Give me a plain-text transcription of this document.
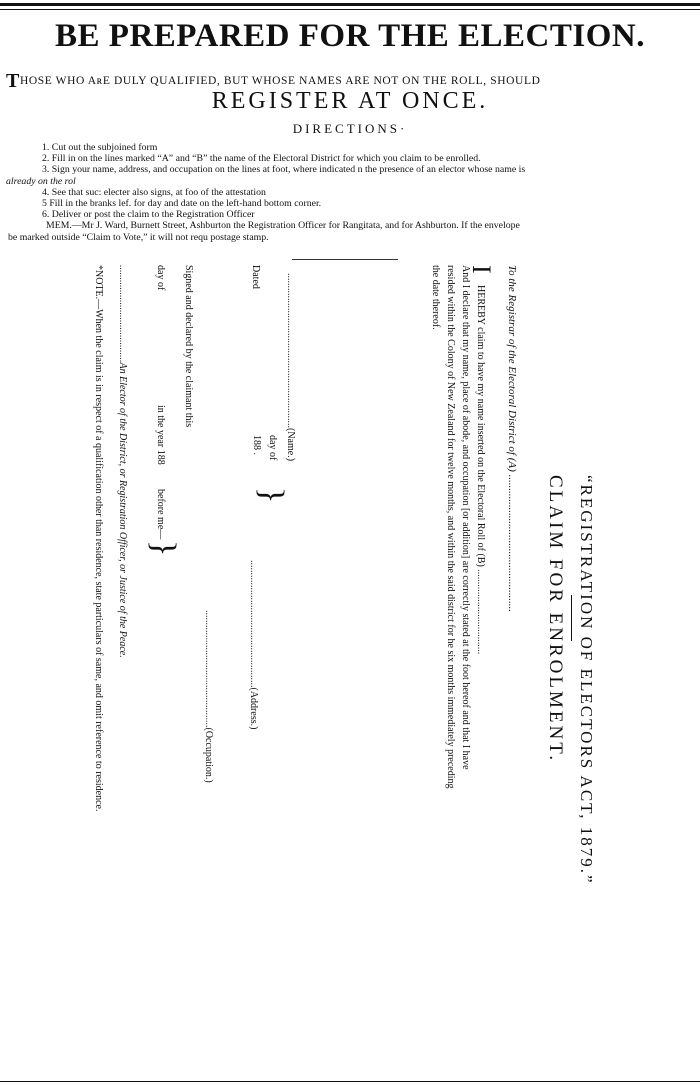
BE PREPARED FOR THE ELECTION.
THOSE WHO AʀE DULY QUALIFIED, BUT WHOSE NAMES ARE NOT ON THE ROLL, SHOULD
REGISTER AT ONCE.
DIRECTIONS·
1. Cut out the subjoined form
2. Fill in on the lines marked “A” and “B” the name of the Electoral District for which you claim to be enrolled.
3. Sign your name, address, and occupation on the lines at foot, where indicated n the presence of an elector whose name is
already on the rol
4. See that suc: electer also signs, at foo of the attestation
5 Fill in the branks lef. for day and date on the left-hand bottom corner.
6. Deliver or post the claim to the Registration Officer
MEM.—Mr J. Ward, Burnett Street, Ashburton the Registration Officer for Rangitata, and for Ashburton. If the envelope
be marked outside “Claim to Vote,” it will not requ postage stamp.
“REGISTRATION OF ELECTORS ACT, 1879.”
CLAIM FOR ENROLMENT.
To the Registrar of the Electoral District of (A) ..................................................
I
HEREBY claim to have my name inserted on the Electoral Roll of (B) ..................................
And I declare that my name, place of abode, and occupation [or addition] are correctly stated at the foot hereof and that I have
resided within the Colony of New Zealand for twelve months, and within the said district for he six months immediately preceding
the date thereof.
..............................................................(Name.)
Dated
day of
188 .
}
...................................................(Address.)
...............................................(Occupation.)
Signed and declared by the claimant this
day of
in the year 188
before me—
}
.......................................An Elector of the District, or Registration Officer, or Justice of the Peace.
*NOTE.—When the claim is in respect of a qualification other than residence, state particulars of same, and omit reference to residence.
